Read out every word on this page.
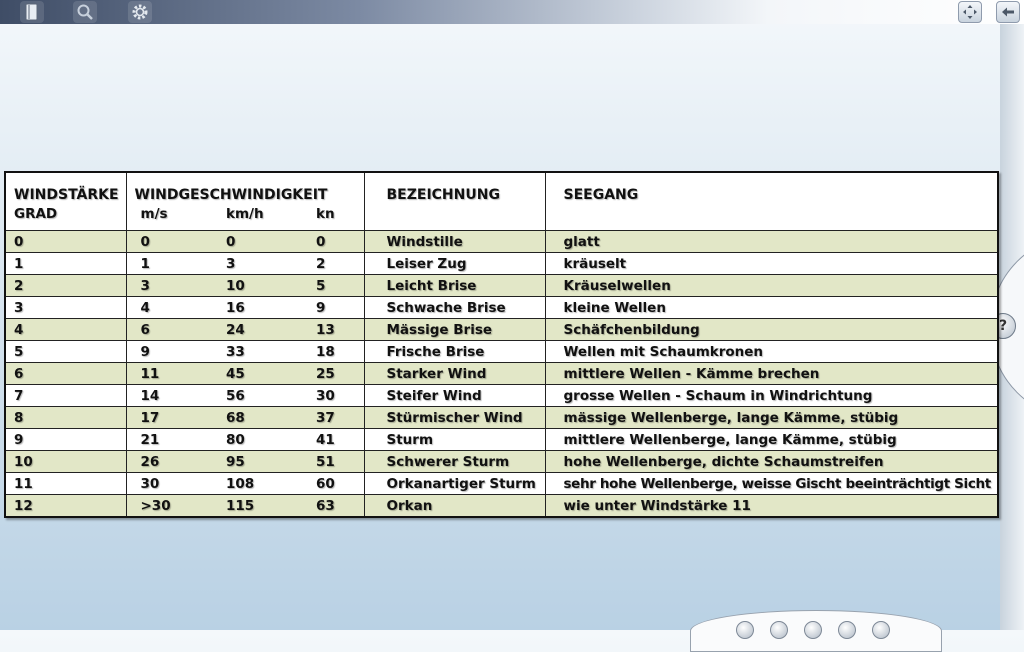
?
WINDSTÄRKE	WINDGESCHWINDIGKEIT			BEZEICHNUNG	SEEGANG
GRAD	m/s	km/h	kn		
0	0	0	0	Windstille	glatt
1	1	3	2	Leiser Zug	kräuselt
2	3	10	5	Leicht Brise	Kräuselwellen
3	4	16	9	Schwache Brise	kleine Wellen
4	6	24	13	Mässige Brise	Schäfchenbildung
5	9	33	18	Frische Brise	Wellen mit Schaumkronen
6	11	45	25	Starker Wind	mittlere Wellen - Kämme brechen
7	14	56	30	Steifer Wind	grosse Wellen - Schaum in Windrichtung
8	17	68	37	Stürmischer Wind	mässige Wellenberge, lange Kämme, stübig
9	21	80	41	Sturm	mittlere Wellenberge, lange Kämme, stübig
10	26	95	51	Schwerer Sturm	hohe Wellenberge, dichte Schaumstreifen
11	30	108	60	Orkanartiger Sturm	sehr hohe Wellenberge, weisse Gischt beeinträchtigt Sicht
12	>30	115	63	Orkan	wie unter Windstärke 11
